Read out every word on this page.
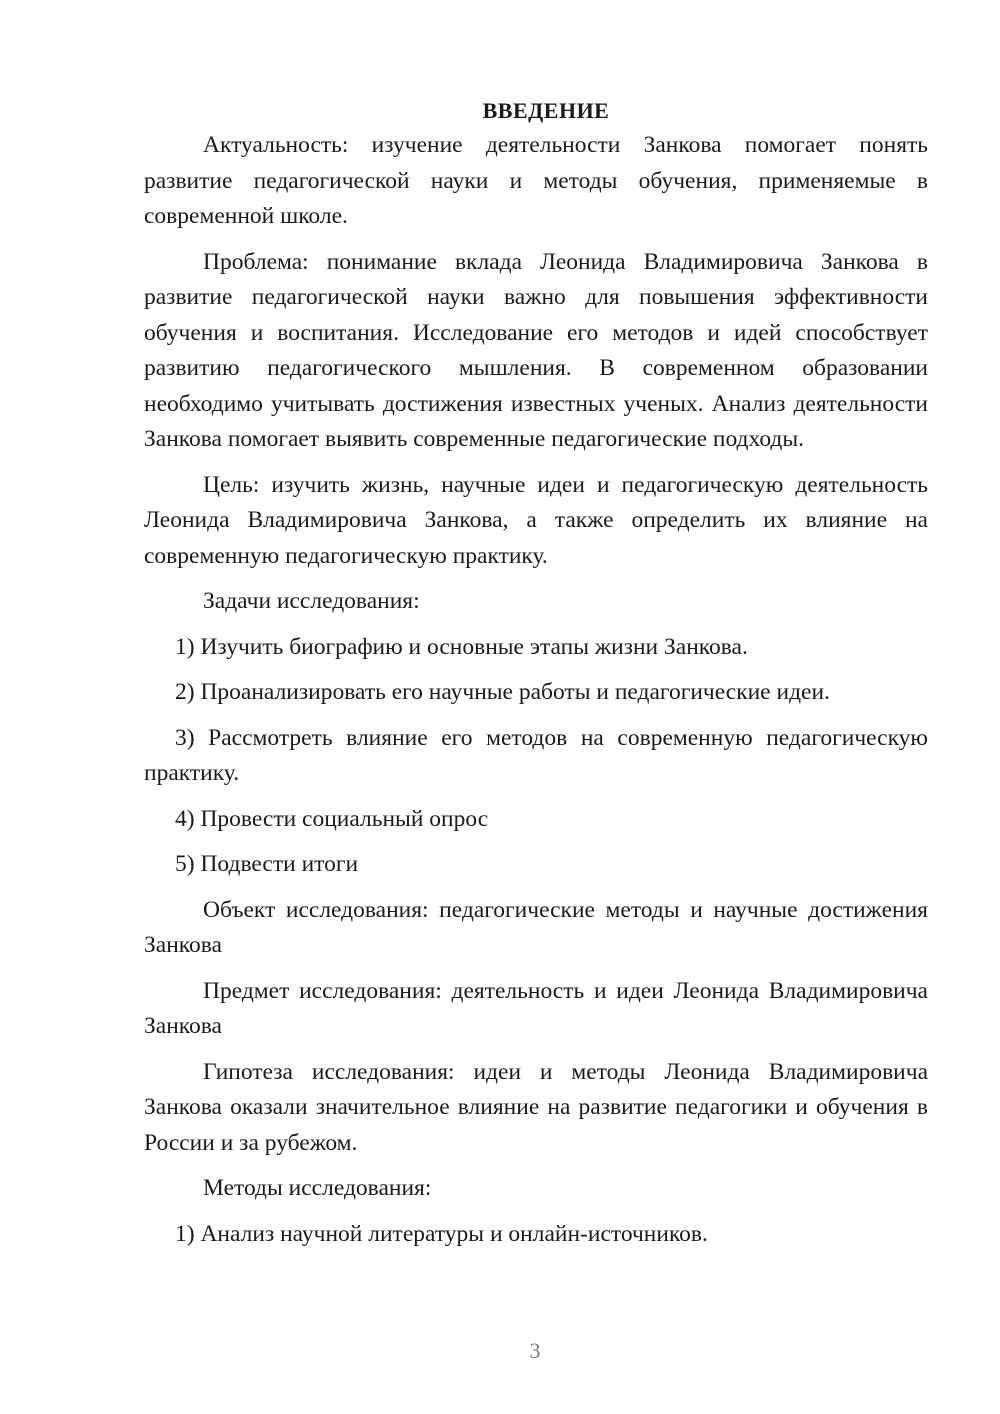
ВВЕДЕНИЕ

Актуальность: изучение деятельности Занкова помогает понять развитие педагогической науки и методы обучения, применяемые в современной школе.

Проблема: понимание вклада Леонида Владимировича Занкова в развитие педагогической науки важно для повышения эффективности обучения и воспитания. Исследование его методов и идей способствует развитию педагогического мышления. В современном образовании необходимо учитывать достижения известных ученых. Анализ деятельности Занкова помогает выявить современные педагогические подходы.

Цель: изучить жизнь, научные идеи и педагогическую деятельность Леонида Владимировича Занкова, а также определить их влияние на современную педагогическую практику.

Задачи исследования:

1) Изучить биографию и основные этапы жизни Занкова.

2) Проанализировать его научные работы и педагогические идеи.

3) Рассмотреть влияние его методов на современную педагогическую практику.

4) Провести социальный опрос

5) Подвести итоги

Объект исследования: педагогические методы и научные достижения Занкова

Предмет исследования: деятельность и идеи Леонида Владимировича Занкова

Гипотеза исследования: идеи и методы Леонида Владимировича Занкова оказали значительное влияние на развитие педагогики и обучения в России и за рубежом.

Методы исследования:

1) Анализ научной литературы и онлайн-источников.

3
